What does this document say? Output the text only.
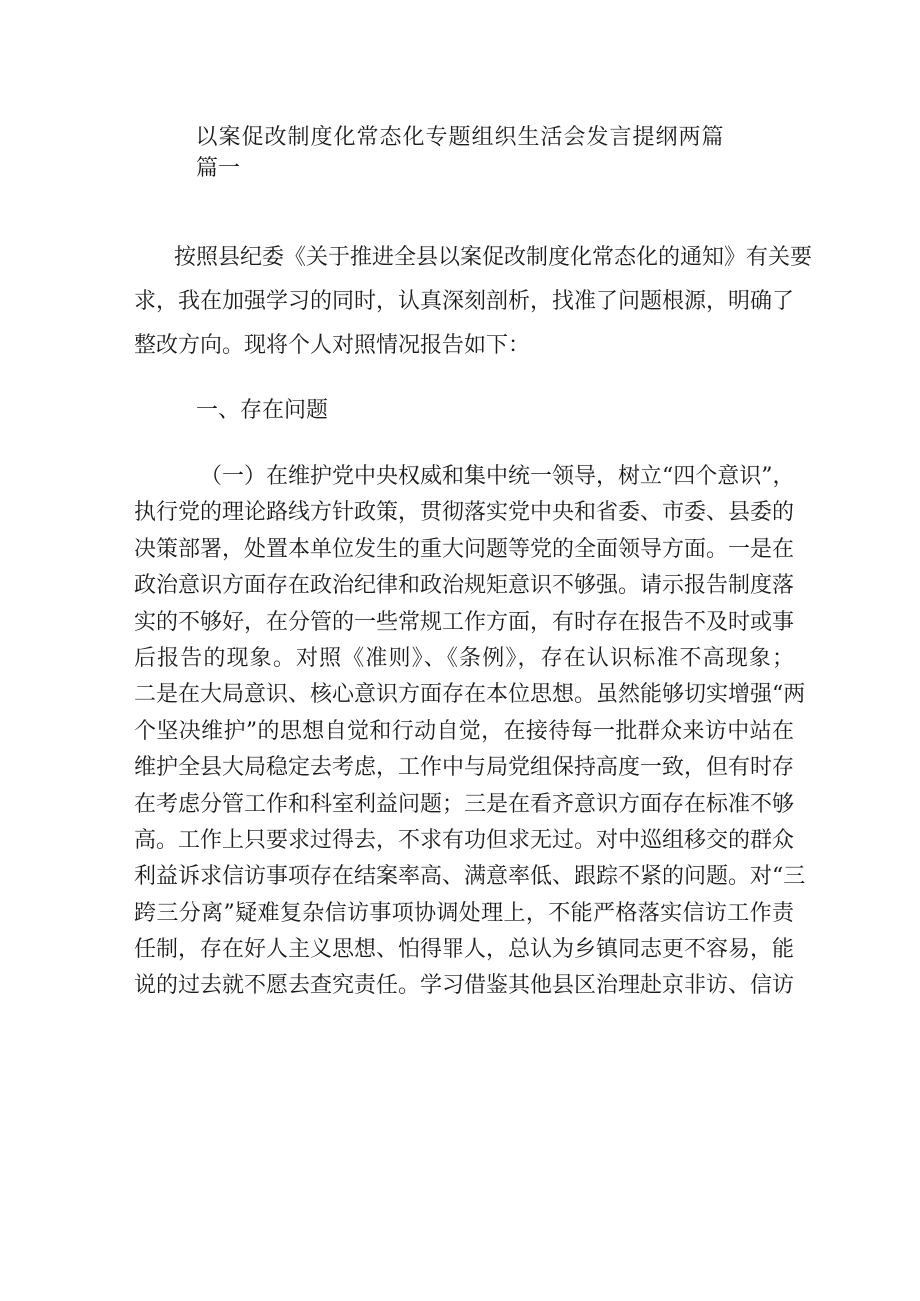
以案促改制度化常态化专题组织生活会发言提纲两篇
篇一
按照县纪委《关于推进全县以案促改制度化常态化的通知》有关要
求，我在加强学习的同时，认真深刻剖析，找准了问题根源，明确了
整改方向。现将个人对照情况报告如下：
一、存在问题
（一）在维护党中央权威和集中统一领导，树立“四个意识”，
执行党的理论路线方针政策，贯彻落实党中央和省委、市委、县委的
决策部署，处置本单位发生的重大问题等党的全面领导方面。一是在
政治意识方面存在政治纪律和政治规矩意识不够强。请示报告制度落
实的不够好，在分管的一些常规工作方面，有时存在报告不及时或事
后报告的现象。对照《准则》、《条例》，存在认识标准不高现象；
二是在大局意识、核心意识方面存在本位思想。虽然能够切实增强“两
个坚决维护”的思想自觉和行动自觉，在接待每一批群众来访中站在
维护全县大局稳定去考虑，工作中与局党组保持高度一致，但有时存
在考虑分管工作和科室利益问题；三是在看齐意识方面存在标准不够
高。工作上只要求过得去，不求有功但求无过。对中巡组移交的群众
利益诉求信访事项存在结案率高、满意率低、跟踪不紧的问题。对“三
跨三分离”疑难复杂信访事项协调处理上，不能严格落实信访工作责
任制，存在好人主义思想、怕得罪人，总认为乡镇同志更不容易，能
说的过去就不愿去查究责任。学习借鉴其他县区治理赴京非访、信访
